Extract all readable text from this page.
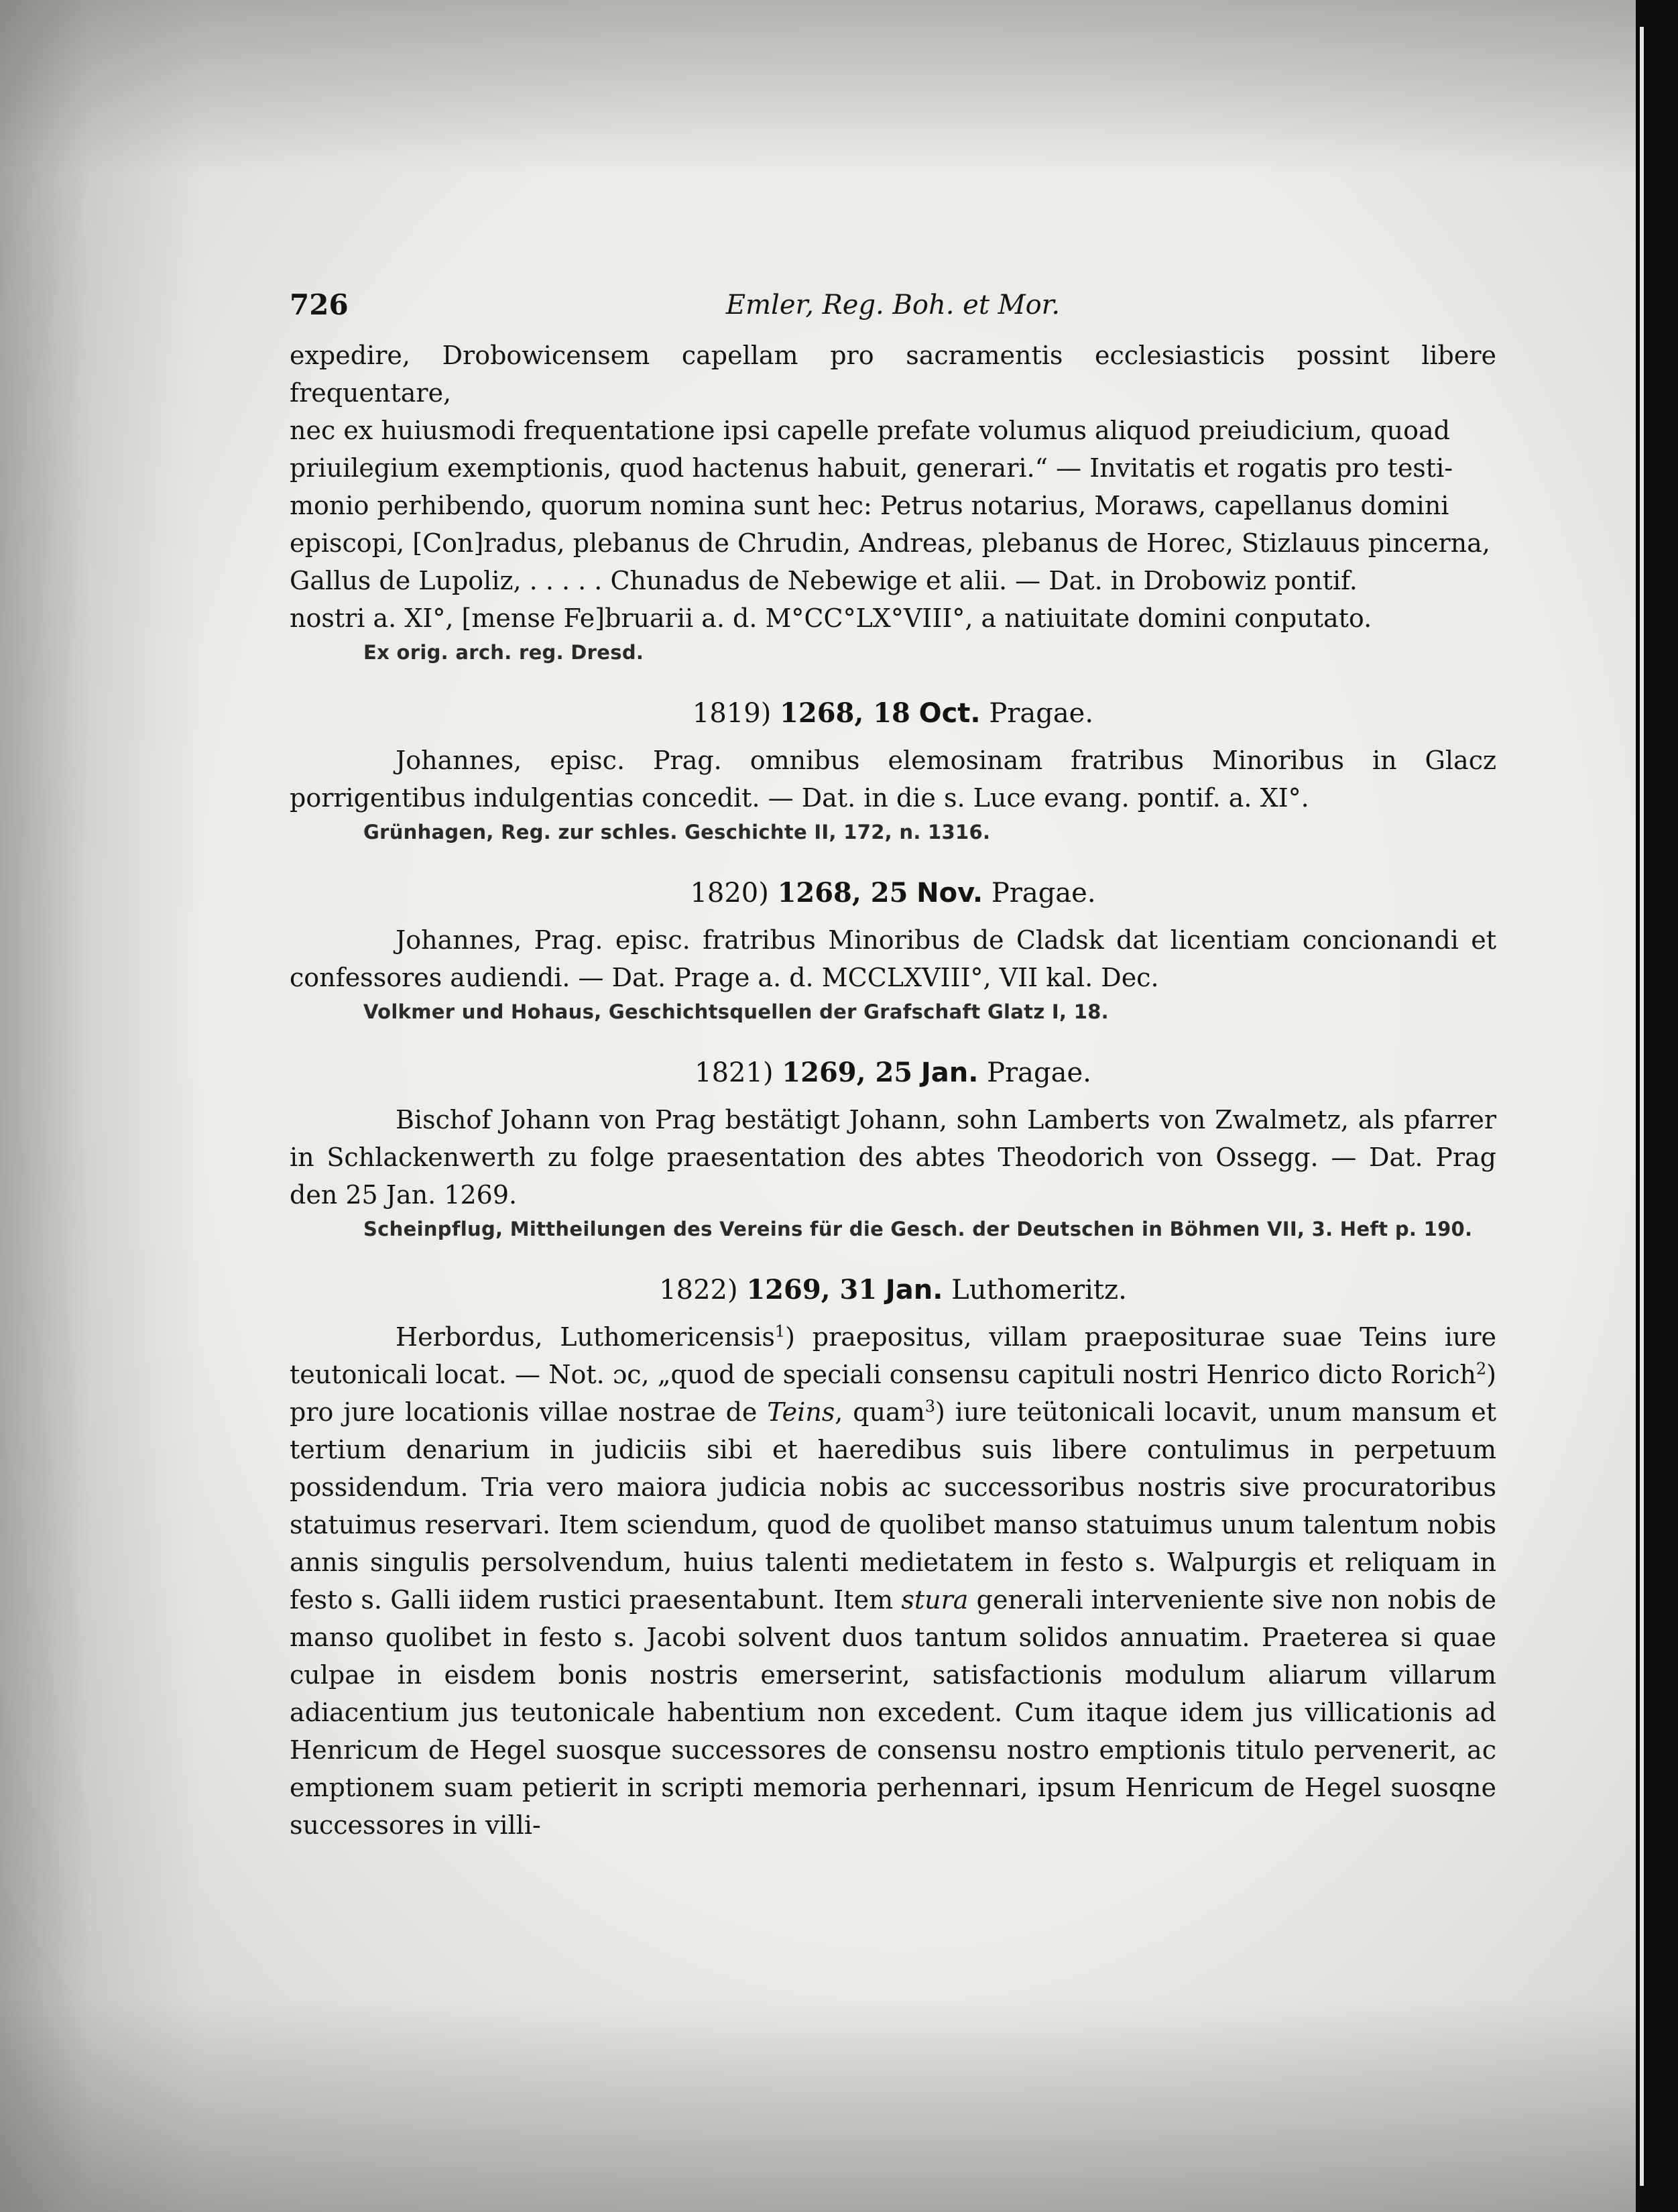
726	Emler, Reg. Boh. et Mor.
expedire, Drobowicensem capellam pro sacramentis ecclesiasticis possint libere frequentare,
nec ex huiusmodi frequentatione ipsi capelle prefate volumus aliquod preiudicium, quoad
priuilegium exemptionis, quod hactenus habuit, generari.“ — Invitatis et rogatis pro testi-
monio perhibendo, quorum nomina sunt hec: Petrus notarius, Moraws, capellanus domini
episcopi, [Con]radus, plebanus de Chrudin, Andreas, plebanus de Horec, Stizlauus pincerna,
Gallus de Lupoliz, . . . . . Chunadus de Nebewige et alii. — Dat. in Drobowiz pontif.
nostri a. XI°, [mense Fe]bruarii a. d. M°CC°LX°VIII°, a natiuitate domini conputato.
Ex orig. arch. reg. Dresd.
1819) 1268, 18 Oct. Pragae.

Johannes, episc. Prag. omnibus elemosinam fratribus Minoribus in Glacz porrigentibus indulgentias concedit. — Dat. in die s. Luce evang. pontif. a. XI°.

Grünhagen, Reg. zur schles. Geschichte II, 172, n. 1316.
1820) 1268, 25 Nov. Pragae.

Johannes, Prag. episc. fratribus Minoribus de Cladsk dat licentiam concionandi et confessores audiendi. — Dat. Prage a. d. MCCLXVIII°, VII kal. Dec.

Volkmer und Hohaus, Geschichtsquellen der Grafschaft Glatz I, 18.
1821) 1269, 25 Jan. Pragae.

Bischof Johann von Prag bestätigt Johann, sohn Lamberts von Zwalmetz, als pfarrer in Schlackenwerth zu folge praesentation des abtes Theodorich von Ossegg. — Dat. Prag den 25 Jan. 1269.

Scheinpflug, Mittheilungen des Vereins für die Gesch. der Deutschen in Böhmen VII, 3. Heft p. 190.
1822) 1269, 31 Jan. Luthomeritz.

Herbordus, Luthomericensis$^1$) praepositus, villam praepositurae suae Teins iure teutonicali locat. — Not. ɔc, „quod de speciali consensu capituli nostri Henrico dicto Rorich$^2$) pro jure locationis villae nostrae de Teins, quam$^3$) iure teütonicali locavit, unum mansum et tertium denarium in judiciis sibi et haeredibus suis libere contulimus in perpetuum possidendum. Tria vero maiora judicia nobis ac successoribus nostris sive procuratoribus statuimus reservari. Item sciendum, quod de quolibet manso statuimus unum talentum nobis annis singulis persolvendum, huius talenti medietatem in festo s. Walpurgis et reliquam in festo s. Galli iidem rustici praesentabunt. Item stura generali interveniente sive non nobis de manso quolibet in festo s. Jacobi solvent duos tantum solidos annuatim. Praeterea si quae culpae in eisdem bonis nostris emerserint, satisfactionis modulum aliarum villarum adiacentium jus teutonicale habentium non excedent. Cum itaque idem jus villicationis ad Henricum de Hegel suosque successores de consensu nostro emptionis titulo pervenerit, ac emptionem suam petierit in scripti memoria perhennari, ipsum Henricum de Hegel suosqne successores in villi-
